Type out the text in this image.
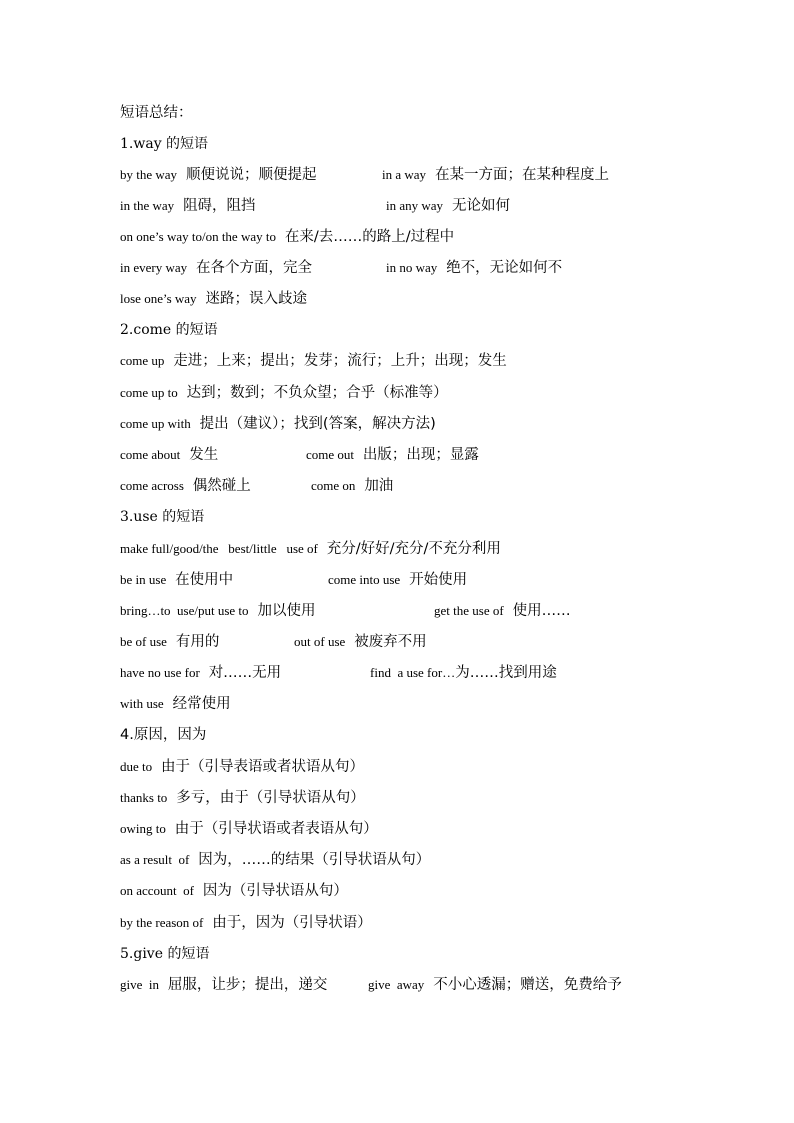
短语总结：
1.way 的短语
by the way 顺便说说；顺便提起	in a way 在某一方面；在某种程度上
in the way 阻碍，阻挡	in any way 无论如何
on one’s way to/on the way to 在来/去……的路上/过程中
in every way 在各个方面，完全	in no way 绝不，无论如何不
lose one’s way 迷路；误入歧途
2.come 的短语
come up 走进；上来；提出；发芽；流行；上升；出现；发生
come up to 达到；数到；不负众望；合乎（标准等）
come up with 提出（建议）；找到(答案，解决方法)
come about 发生	come out 出版；出现；显露
come across 偶然碰上	come on 加油
3.use 的短语
make full/good/the   best/little   use of 充分/好好/充分/不充分利用
be in use 在使用中	come into use 开始使用
bring…to  use/put use to 加以使用	get the use of 使用……
be of use 有用的	out of use 被废弃不用
have no use for 对……无用	find  a use for…为……找到用途
with use 经常使用
4.原因，因为
due to 由于（引导表语或者状语从句）
thanks to 多亏，由于（引导状语从句）
owing to 由于（引导状语或者表语从句）
as a result  of 因为，……的结果（引导状语从句）
on account  of 因为（引导状语从句）
by the reason of 由于，因为（引导状语）
5.give 的短语
give  in 屈服，让步；提出，递交	give  away 不小心透漏；赠送，免费给予
